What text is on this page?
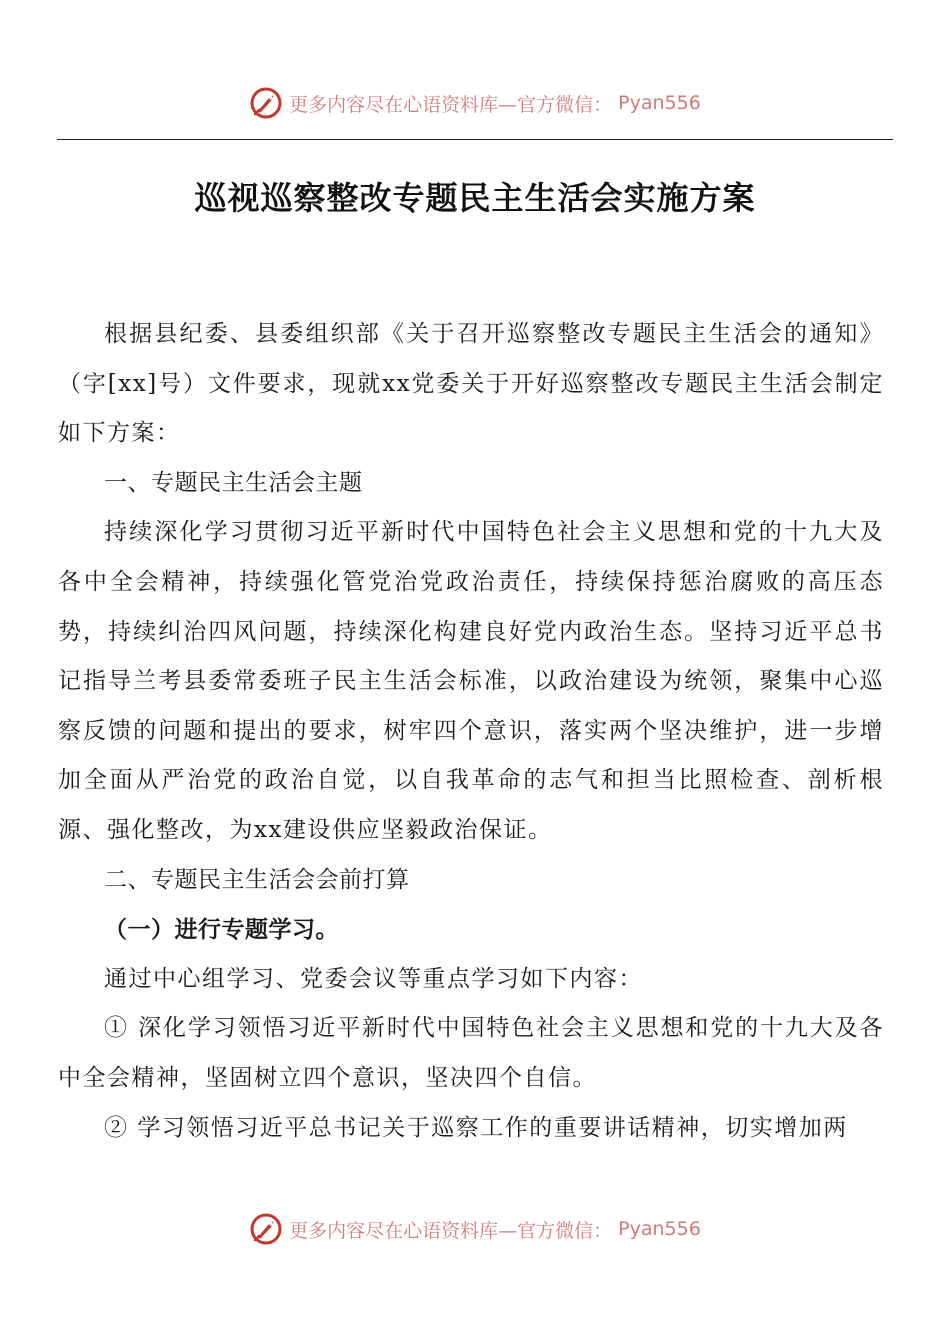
更多内容尽在心语资料库—官方微信： Pyan556
巡视巡察整改专题民主生活会实施方案

根据县纪委、县委组织部《关于召开巡察整改专题民主生活会的通知》（字[xx]号）文件要求，现就xx党委关于开好巡察整改专题民主生活会制定如下方案：

一、专题民主生活会主题

持续深化学习贯彻习近平新时代中国特色社会主义思想和党的十九大及各中全会精神，持续强化管党治党政治责任，持续保持惩治腐败的高压态势，持续纠治四风问题，持续深化构建良好党内政治生态。坚持习近平总书记指导兰考县委常委班子民主生活会标准，以政治建设为统领，聚集中心巡察反馈的问题和提出的要求，树牢四个意识，落实两个坚决维护，进一步增加全面从严治党的政治自觉，以自我革命的志气和担当比照检查、剖析根源、强化整改，为xx建设供应坚毅政治保证。

二、专题民主生活会会前打算

（一）进行专题学习。

通过中心组学习、党委会议等重点学习如下内容：

① 深化学习领悟习近平新时代中国特色社会主义思想和党的十九大及各中全会精神，坚固树立四个意识，坚决四个自信。

② 学习领悟习近平总书记关于巡察工作的重要讲话精神，切实增加两

更多内容尽在心语资料库—官方微信： Pyan556
